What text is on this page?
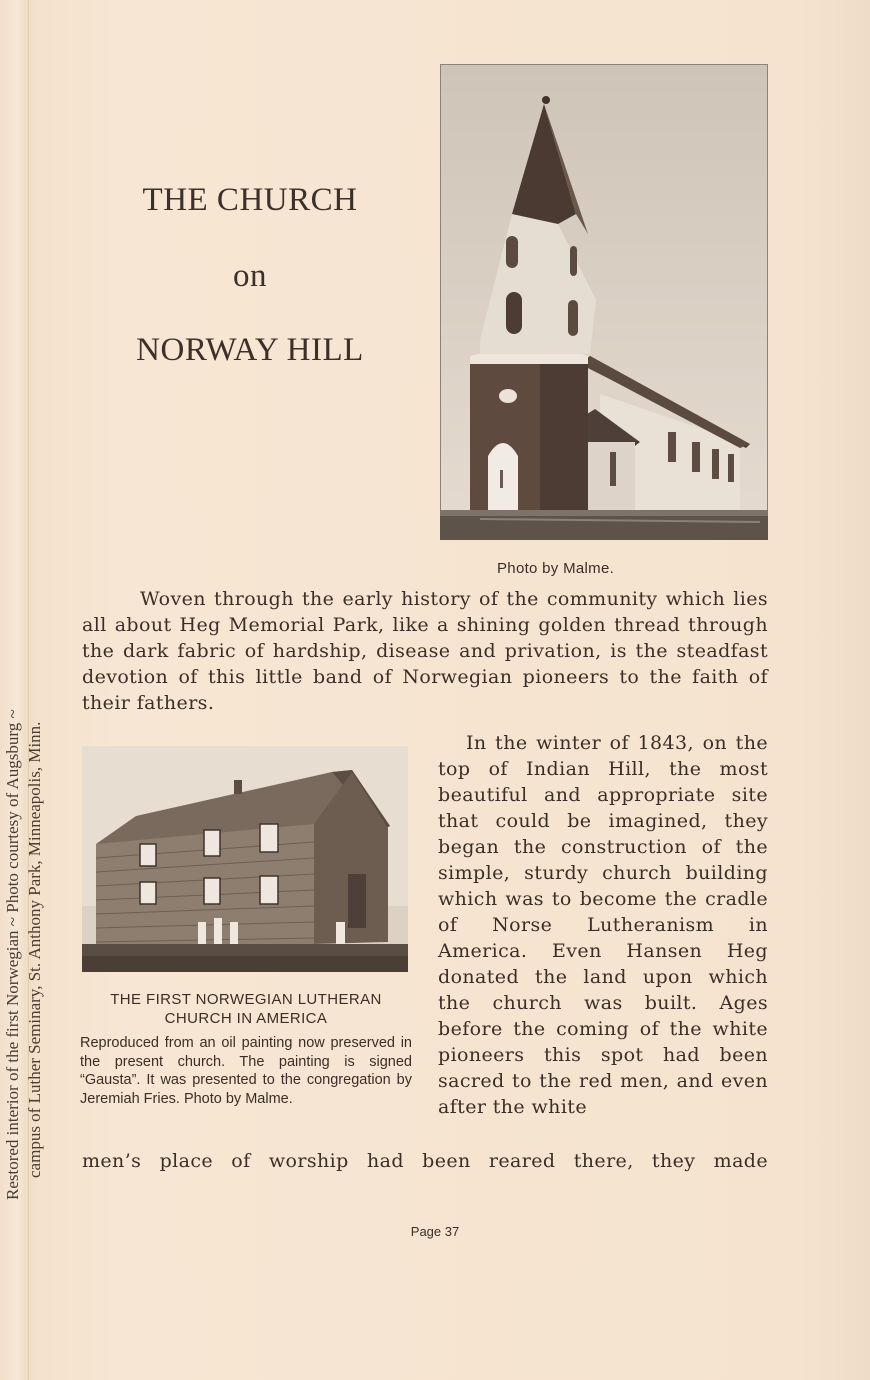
Restored interior of the first Norwegian ~ Photo courtesy of Augsburg ~ campus of Luther Seminary, St. Anthony Park, Minneapolis, Minn.
THE CHURCH
on
NORWAY HILL
Photo by Malme.

Woven through the early history of the community which lies all about Heg Memorial Park, like a shining golden thread through the dark fabric of hardship, disease and privation, is the steadfast devotion of this little band of Norwegian pioneers to the faith of their fathers.

THE FIRST NORWEGIAN LUTHERAN CHURCH IN AMERICA
Reproduced from an oil painting now preserved in the present church. The painting is signed “Gausta”. It was presented to the congregation by Jeremiah Fries. Photo by Malme.

In the winter of 1843, on the top of Indian Hill, the most beautiful and appropriate site that could be imagined, they began the construction of the simple, sturdy church building which was to become the cradle of Norse Lutheranism in America. Even Hansen Heg donated the land upon which the church was built. Ages before the coming of the white pioneers this spot had been sacred to the red men, and even after the white

men’s place of worship had been reared there, they made
Page 37
